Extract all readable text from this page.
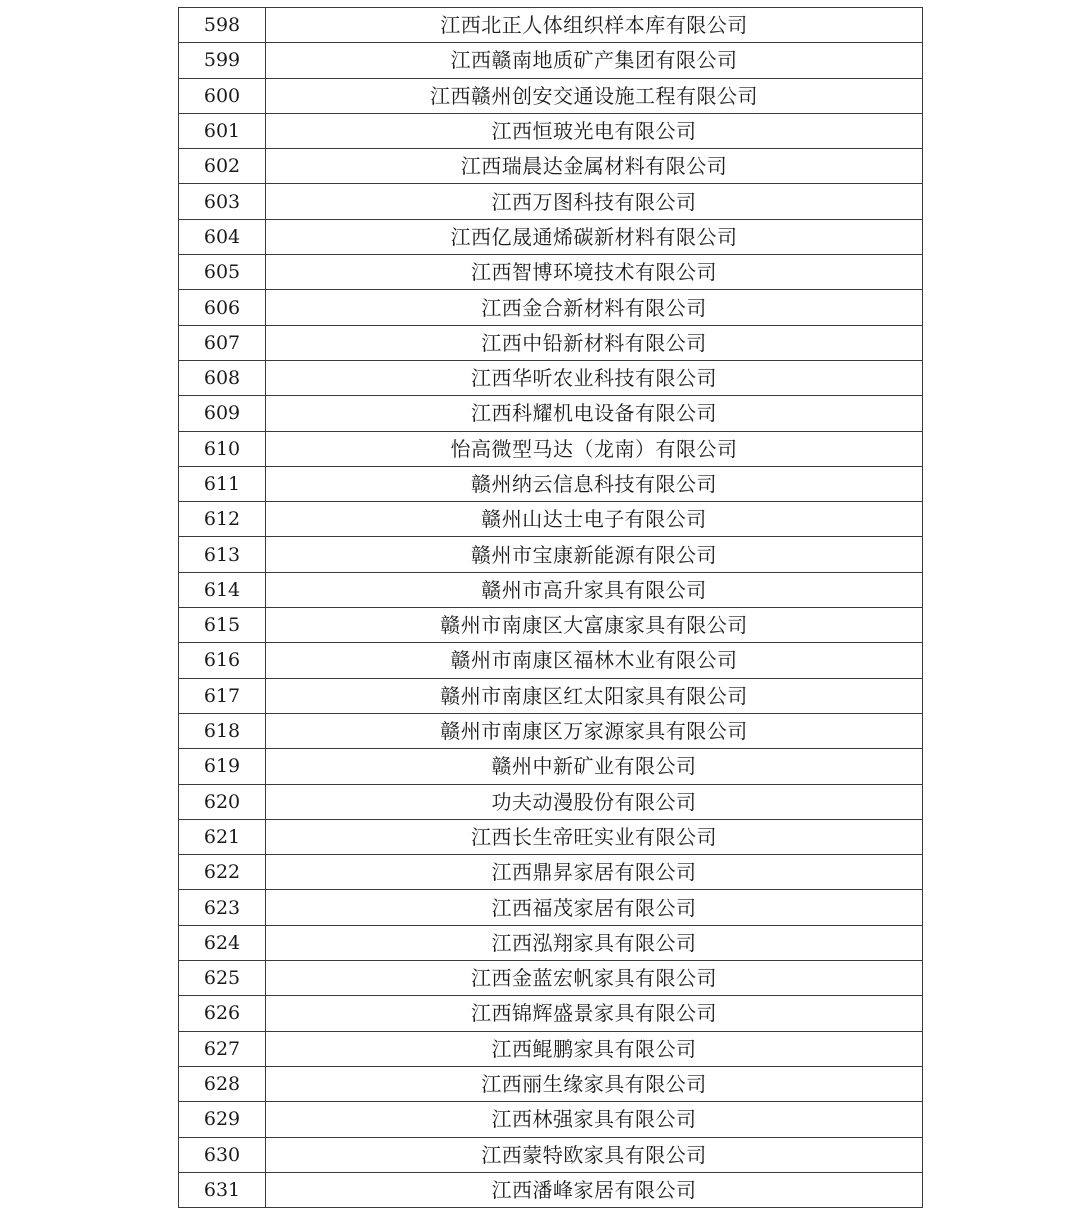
598	江西北正人体组织样本库有限公司
599	江西赣南地质矿产集团有限公司
600	江西赣州创安交通设施工程有限公司
601	江西恒玻光电有限公司
602	江西瑞晨达金属材料有限公司
603	江西万图科技有限公司
604	江西亿晟通烯碳新材料有限公司
605	江西智博环境技术有限公司
606	江西金合新材料有限公司
607	江西中铅新材料有限公司
608	江西华听农业科技有限公司
609	江西科耀机电设备有限公司
610	怡高微型马达（龙南）有限公司
611	赣州纳云信息科技有限公司
612	赣州山达士电子有限公司
613	赣州市宝康新能源有限公司
614	赣州市高升家具有限公司
615	赣州市南康区大富康家具有限公司
616	赣州市南康区福林木业有限公司
617	赣州市南康区红太阳家具有限公司
618	赣州市南康区万家源家具有限公司
619	赣州中新矿业有限公司
620	功夫动漫股份有限公司
621	江西长生帝旺实业有限公司
622	江西鼎昇家居有限公司
623	江西福茂家居有限公司
624	江西泓翔家具有限公司
625	江西金蓝宏帆家具有限公司
626	江西锦辉盛景家具有限公司
627	江西鲲鹏家具有限公司
628	江西丽生缘家具有限公司
629	江西林强家具有限公司
630	江西蒙特欧家具有限公司
631	江西潘峰家居有限公司
